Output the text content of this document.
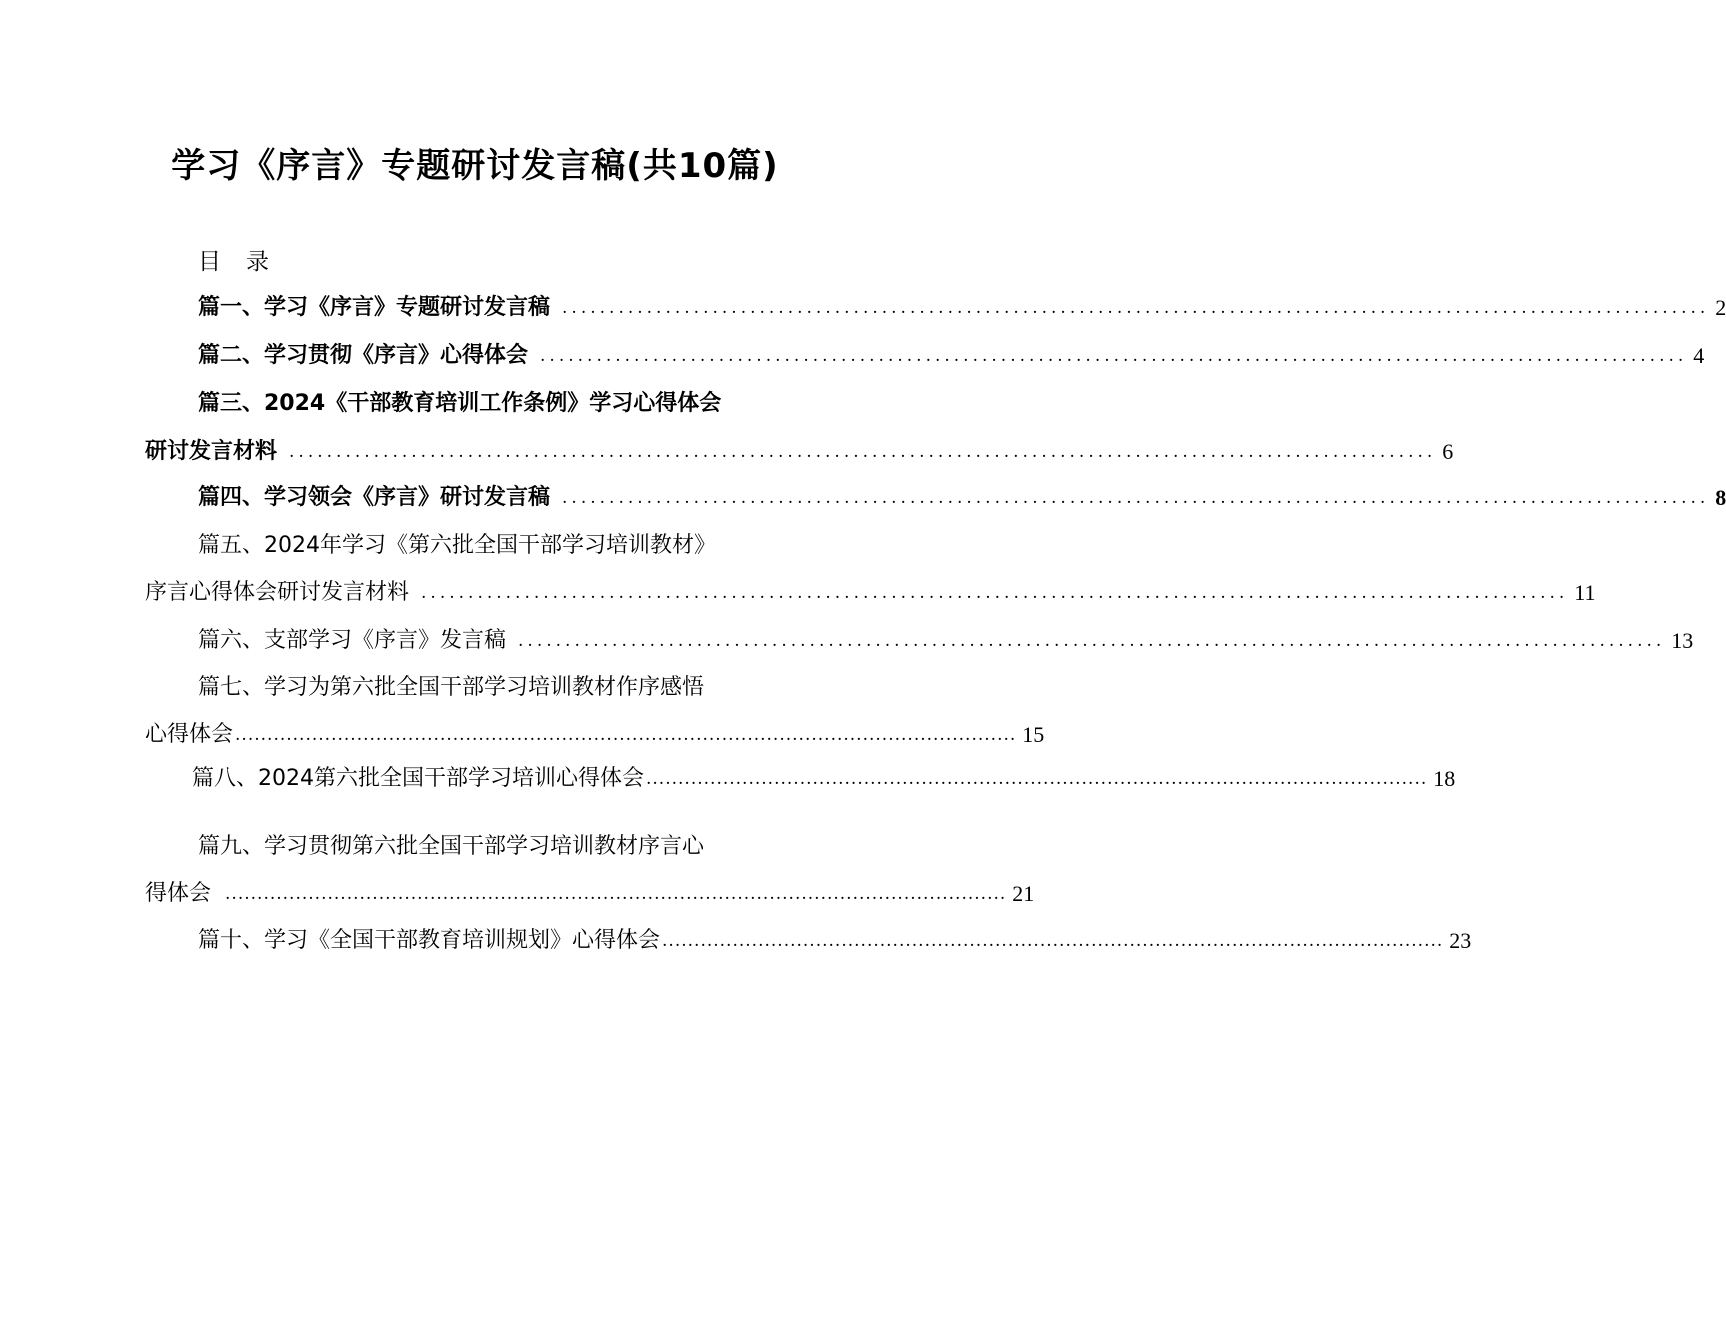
学习《序言》专题研讨发言稿(共10篇)
目 录
篇一、学习《序言》专题研讨发言稿 .......................................................................................................................... 2
篇二、学习贯彻《序言》心得体会 .......................................................................................................................... 4
篇三、2024《干部教育培训工作条例》学习心得体会
研讨发言材料 .......................................................................................................................... 6
篇四、学习领会《序言》研讨发言稿 .......................................................................................................................... 8
篇五、2024年学习《第六批全国干部学习培训教材》
序言心得体会研讨发言材料 .......................................................................................................................... 11
篇六、支部学习《序言》发言稿 .......................................................................................................................... 13
篇七、学习为第六批全国干部学习培训教材作序感悟
心得体会 .......................................................................................................................... 15
篇八、2024第六批全国干部学习培训心得体会 .......................................................................................................................... 18
篇九、学习贯彻第六批全国干部学习培训教材序言心
得体会 .......................................................................................................................... 21
篇十、学习《全国干部教育培训规划》心得体会 .......................................................................................................................... 23
